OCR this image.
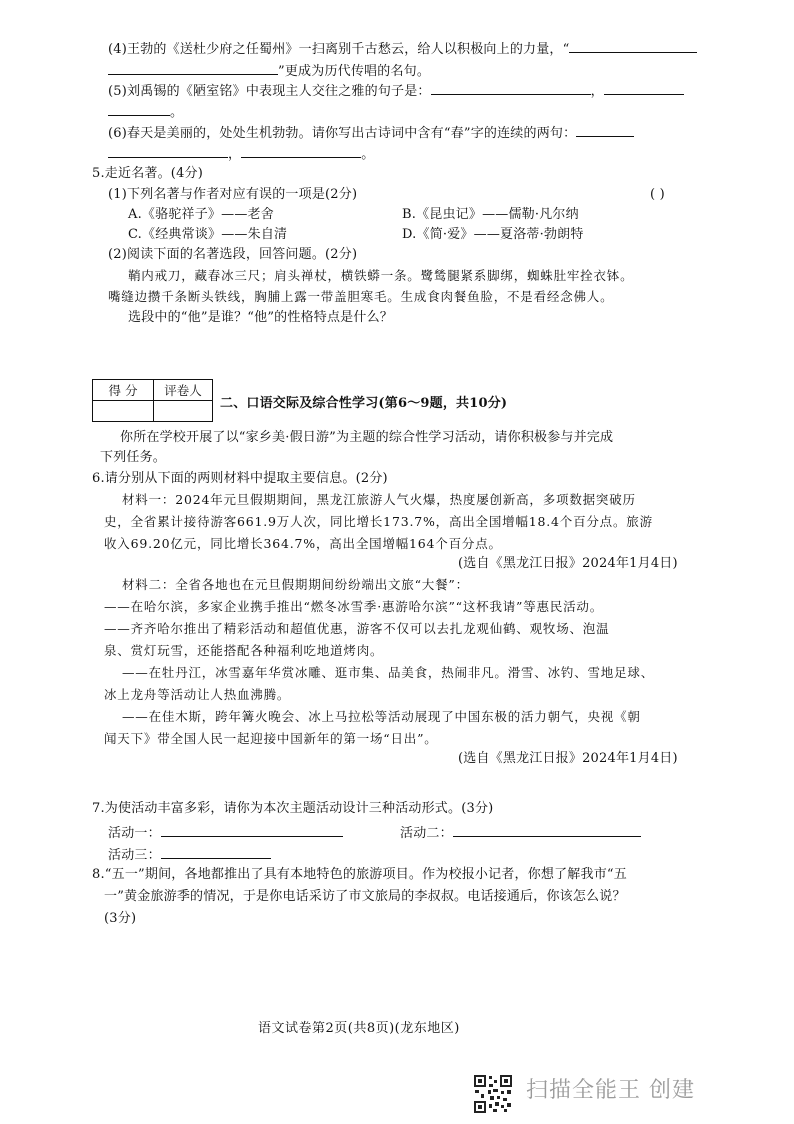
(4)王勃的《送杜少府之任蜀州》一扫离别千古愁云，给人以积极向上的力量，“
”更成为历代传唱的名句。
(5)刘禹锡的《陋室铭》中表现主人交往之雅的句子是：	，
。
(6)春天是美丽的，处处生机勃勃。请你写出古诗词中含有“春”字的连续的两句：
，	。
5.走近名著。(4分)
(1)下列名著与作者对应有误的一项是(2分)	( )
A.《骆驼祥子》——老舍	B.《昆虫记》——儒勒·凡尔纳
C.《经典常谈》——朱自清	D.《简·爱》——夏洛蒂·勃朗特
(2)阅读下面的名著选段，回答问题。(2分)
鞘内戒刀，藏春冰三尺；肩头禅杖，横铁蟒一条。鹭鸶腿紧系脚绑，蜘蛛肚牢拴衣钵。
嘴缝边攒千条断头铁线，胸脯上露一带盖胆寒毛。生成食肉餐鱼脸，不是看经念佛人。
选段中的“他”是谁？“他”的性格特点是什么？
得 分	评卷人

二、口语交际及综合性学习(第6～9题，共10分)
你所在学校开展了以“家乡美·假日游”为主题的综合性学习活动，请你积极参与并完成
下列任务。
6.请分别从下面的两则材料中提取主要信息。(2分)
材料一：2024年元旦假期期间，黑龙江旅游人气火爆，热度屡创新高，多项数据突破历
史，全省累计接待游客661.9万人次，同比增长173.7%，高出全国增幅18.4个百分点。旅游
收入69.20亿元，同比增长364.7%，高出全国增幅164个百分点。
(选自《黑龙江日报》2024年1月4日)
材料二：全省各地也在元旦假期期间纷纷端出文旅“大餐”：
——在哈尔滨，多家企业携手推出“燃冬冰雪季·惠游哈尔滨”“这杯我请”等惠民活动。
——齐齐哈尔推出了精彩活动和超值优惠，游客不仅可以去扎龙观仙鹤、观牧场、泡温
泉、赏灯玩雪，还能搭配各种福利吃地道烤肉。
——在牡丹江，冰雪嘉年华赏冰雕、逛市集、品美食，热闹非凡。滑雪、冰钓、雪地足球、
冰上龙舟等活动让人热血沸腾。
——在佳木斯，跨年篝火晚会、冰上马拉松等活动展现了中国东极的活力朝气，央视《朝
闻天下》带全国人民一起迎接中国新年的第一场“日出”。
(选自《黑龙江日报》2024年1月4日)
7.为使活动丰富多彩，请你为本次主题活动设计三种活动形式。(3分)
活动一：	活动二：
活动三：
8.“五一”期间，各地都推出了具有本地特色的旅游项目。作为校报小记者，你想了解我市“五
一”黄金旅游季的情况，于是你电话采访了市文旅局的李叔叔。电话接通后，你该怎么说？
(3分)
语文试卷第2页(共8页)(龙东地区)
扫描全能王 创建
